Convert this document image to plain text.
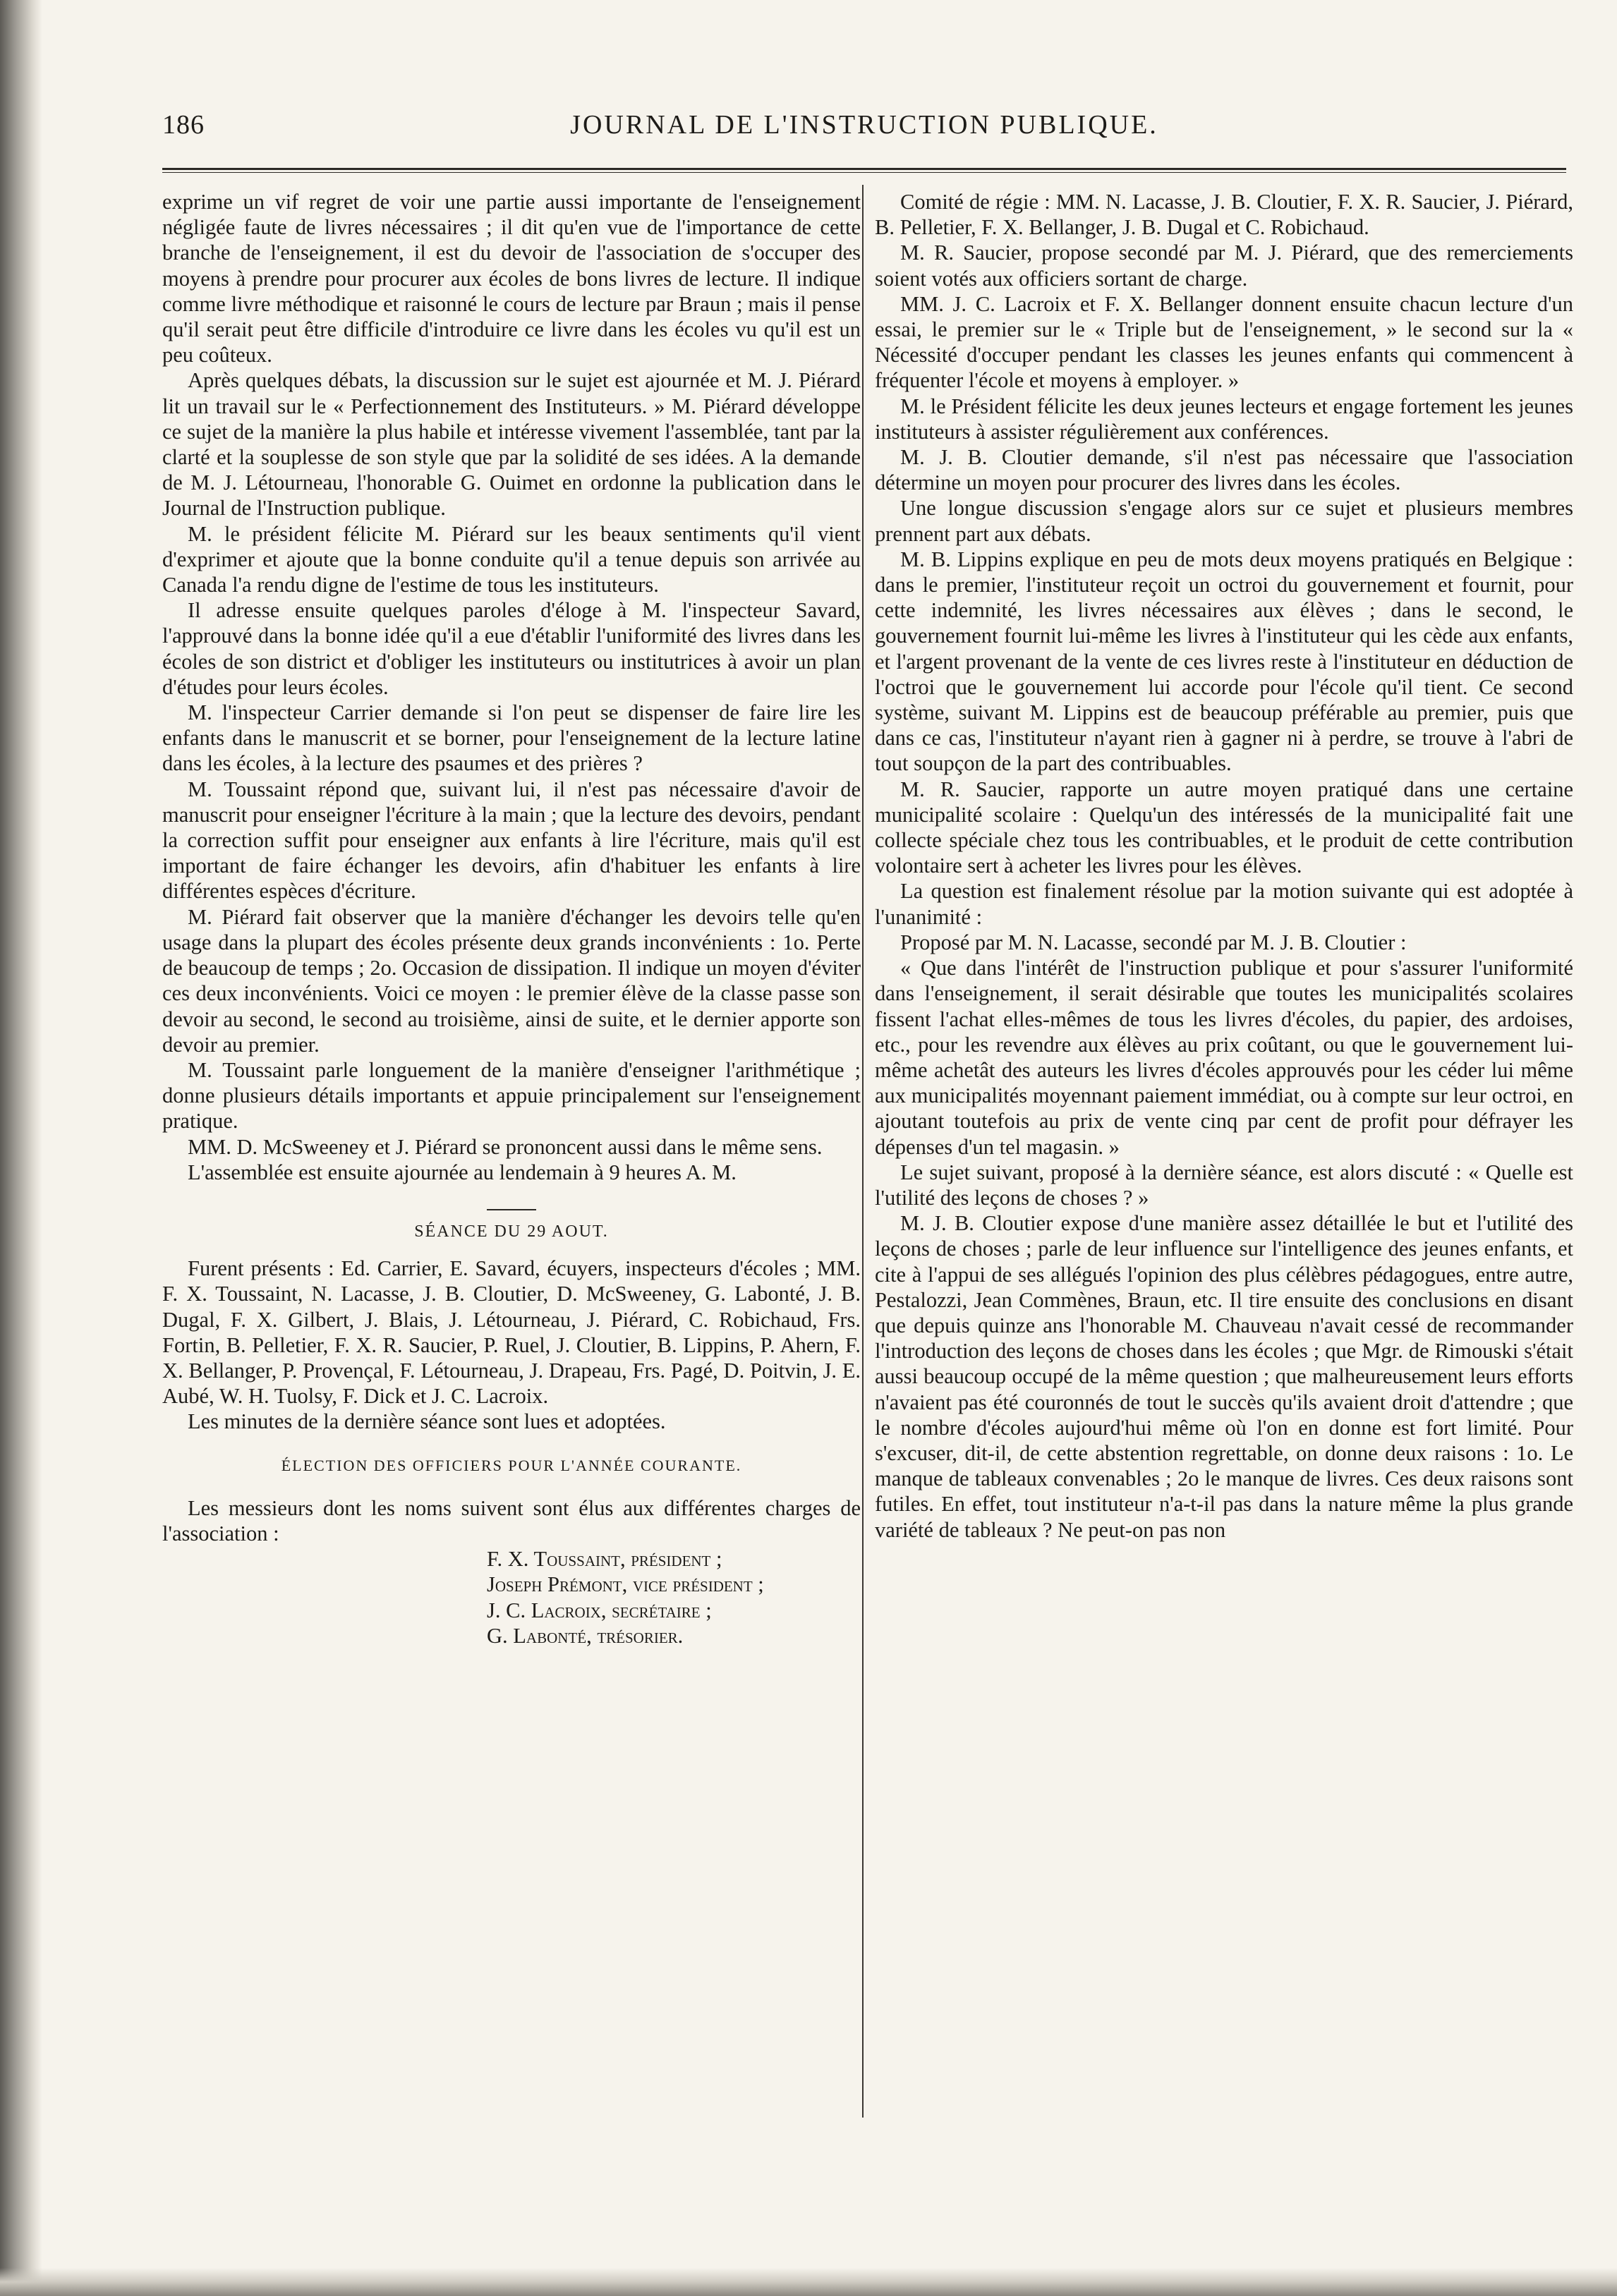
186	JOURNAL DE L'INSTRUCTION PUBLIQUE.

exprime un vif regret de voir une partie aussi importante de l'enseignement négligée faute de livres nécessaires ; il dit qu'en vue de l'importance de cette branche de l'enseignement, il est du devoir de l'association de s'occuper des moyens à prendre pour procurer aux écoles de bons livres de lecture. Il indique comme livre méthodique et raisonné le cours de lecture par Braun ; mais il pense qu'il serait peut être difficile d'introduire ce livre dans les écoles vu qu'il est un peu coûteux.

Après quelques débats, la discussion sur le sujet est ajournée et M. J. Piérard lit un travail sur le « Perfectionnement des Instituteurs. » M. Piérard développe ce sujet de la manière la plus habile et intéresse vivement l'assemblée, tant par la clarté et la souplesse de son style que par la solidité de ses idées. A la demande de M. J. Létourneau, l'honorable G. Ouimet en ordonne la publication dans le Journal de l'Instruction publique.

M. le président félicite M. Piérard sur les beaux sentiments qu'il vient d'exprimer et ajoute que la bonne conduite qu'il a tenue depuis son arrivée au Canada l'a rendu digne de l'estime de tous les instituteurs.

Il adresse ensuite quelques paroles d'éloge à M. l'inspecteur Savard, l'approuvé dans la bonne idée qu'il a eue d'établir l'uniformité des livres dans les écoles de son district et d'obliger les instituteurs ou institutrices à avoir un plan d'études pour leurs écoles.

M. l'inspecteur Carrier demande si l'on peut se dispenser de faire lire les enfants dans le manuscrit et se borner, pour l'enseignement de la lecture latine dans les écoles, à la lecture des psaumes et des prières ?

M. Toussaint répond que, suivant lui, il n'est pas nécessaire d'avoir de manuscrit pour enseigner l'écriture à la main ; que la lecture des devoirs, pendant la correction suffit pour enseigner aux enfants à lire l'écriture, mais qu'il est important de faire échanger les devoirs, afin d'habituer les enfants à lire différentes espèces d'écriture.

M. Piérard fait observer que la manière d'échanger les devoirs telle qu'en usage dans la plupart des écoles présente deux grands inconvénients : 1o. Perte de beaucoup de temps ; 2o. Occasion de dissipation. Il indique un moyen d'éviter ces deux inconvénients. Voici ce moyen : le premier élève de la classe passe son devoir au second, le second au troisième, ainsi de suite, et le dernier apporte son devoir au premier.

M. Toussaint parle longuement de la manière d'enseigner l'arithmétique ; donne plusieurs détails importants et appuie principalement sur l'enseignement pratique.

MM. D. McSweeney et J. Piérard se prononcent aussi dans le même sens.

L'assemblée est ensuite ajournée au lendemain à 9 heures A. M.

SÉANCE DU 29 AOUT.

Furent présents : Ed. Carrier, E. Savard, écuyers, inspecteurs d'écoles ; MM. F. X. Toussaint, N. Lacasse, J. B. Cloutier, D. McSweeney, G. Labonté, J. B. Dugal, F. X. Gilbert, J. Blais, J. Létourneau, J. Piérard, C. Robichaud, Frs. Fortin, B. Pelletier, F. X. R. Saucier, P. Ruel, J. Cloutier, B. Lippins, P. Ahern, F. X. Bellanger, P. Provençal, F. Létourneau, J. Drapeau, Frs. Pagé, D. Poitvin, J. E. Aubé, W. H. Tuolsy, F. Dick et J. C. Lacroix.

Les minutes de la dernière séance sont lues et adoptées.

ÉLECTION DES OFFICIERS POUR L'ANNÉE COURANTE.

Les messieurs dont les noms suivent sont élus aux différentes charges de l'association :

F. X. Toussaint, président ;
Joseph Prémont, vice président ;
J. C. Lacroix, secrétaire ;
G. Labonté, trésorier.

Comité de régie : MM. N. Lacasse, J. B. Cloutier, F. X. R. Saucier, J. Piérard, B. Pelletier, F. X. Bellanger, J. B. Dugal et C. Robichaud.

M. R. Saucier, propose secondé par M. J. Piérard, que des remerciements soient votés aux officiers sortant de charge.

MM. J. C. Lacroix et F. X. Bellanger donnent ensuite chacun lecture d'un essai, le premier sur le « Triple but de l'enseignement, » le second sur la « Nécessité d'occuper pendant les classes les jeunes enfants qui commencent à fréquenter l'école et moyens à employer. »

M. le Président félicite les deux jeunes lecteurs et engage fortement les jeunes instituteurs à assister régulièrement aux conférences.

M. J. B. Cloutier demande, s'il n'est pas nécessaire que l'association détermine un moyen pour procurer des livres dans les écoles.

Une longue discussion s'engage alors sur ce sujet et plusieurs membres prennent part aux débats.

M. B. Lippins explique en peu de mots deux moyens pratiqués en Belgique : dans le premier, l'instituteur reçoit un octroi du gouvernement et fournit, pour cette indemnité, les livres nécessaires aux élèves ; dans le second, le gouvernement fournit lui-même les livres à l'instituteur qui les cède aux enfants, et l'argent provenant de la vente de ces livres reste à l'instituteur en déduction de l'octroi que le gouvernement lui accorde pour l'école qu'il tient. Ce second système, suivant M. Lippins est de beaucoup préférable au premier, puis que dans ce cas, l'instituteur n'ayant rien à gagner ni à perdre, se trouve à l'abri de tout soupçon de la part des contribuables.

M. R. Saucier, rapporte un autre moyen pratiqué dans une certaine municipalité scolaire : Quelqu'un des intéressés de la municipalité fait une collecte spéciale chez tous les contribuables, et le produit de cette contribution volontaire sert à acheter les livres pour les élèves.

La question est finalement résolue par la motion suivante qui est adoptée à l'unanimité :

Proposé par M. N. Lacasse, secondé par M. J. B. Cloutier :

« Que dans l'intérêt de l'instruction publique et pour s'assurer l'uniformité dans l'enseignement, il serait désirable que toutes les municipalités scolaires fissent l'achat elles-mêmes de tous les livres d'écoles, du papier, des ardoises, etc., pour les revendre aux élèves au prix coûtant, ou que le gouvernement lui-même achetât des auteurs les livres d'écoles approuvés pour les céder lui même aux municipalités moyennant paiement immédiat, ou à compte sur leur octroi, en ajoutant toutefois au prix de vente cinq par cent de profit pour défrayer les dépenses d'un tel magasin. »

Le sujet suivant, proposé à la dernière séance, est alors discuté : « Quelle est l'utilité des leçons de choses ? »

M. J. B. Cloutier expose d'une manière assez détaillée le but et l'utilité des leçons de choses ; parle de leur influence sur l'intelligence des jeunes enfants, et cite à l'appui de ses allégués l'opinion des plus célèbres pédagogues, entre autre, Pestalozzi, Jean Commènes, Braun, etc. Il tire ensuite des conclusions en disant que depuis quinze ans l'honorable M. Chauveau n'avait cessé de recommander l'introduction des leçons de choses dans les écoles ; que Mgr. de Rimouski s'était aussi beaucoup occupé de la même question ; que malheureusement leurs efforts n'avaient pas été couronnés de tout le succès qu'ils avaient droit d'attendre ; que le nombre d'écoles aujourd'hui même où l'on en donne est fort limité. Pour s'excuser, dit-il, de cette abstention regrettable, on donne deux raisons : 1o. Le manque de tableaux convenables ; 2o le manque de livres. Ces deux raisons sont futiles. En effet, tout instituteur n'a-t-il pas dans la nature même la plus grande variété de tableaux ? Ne peut-on pas non
